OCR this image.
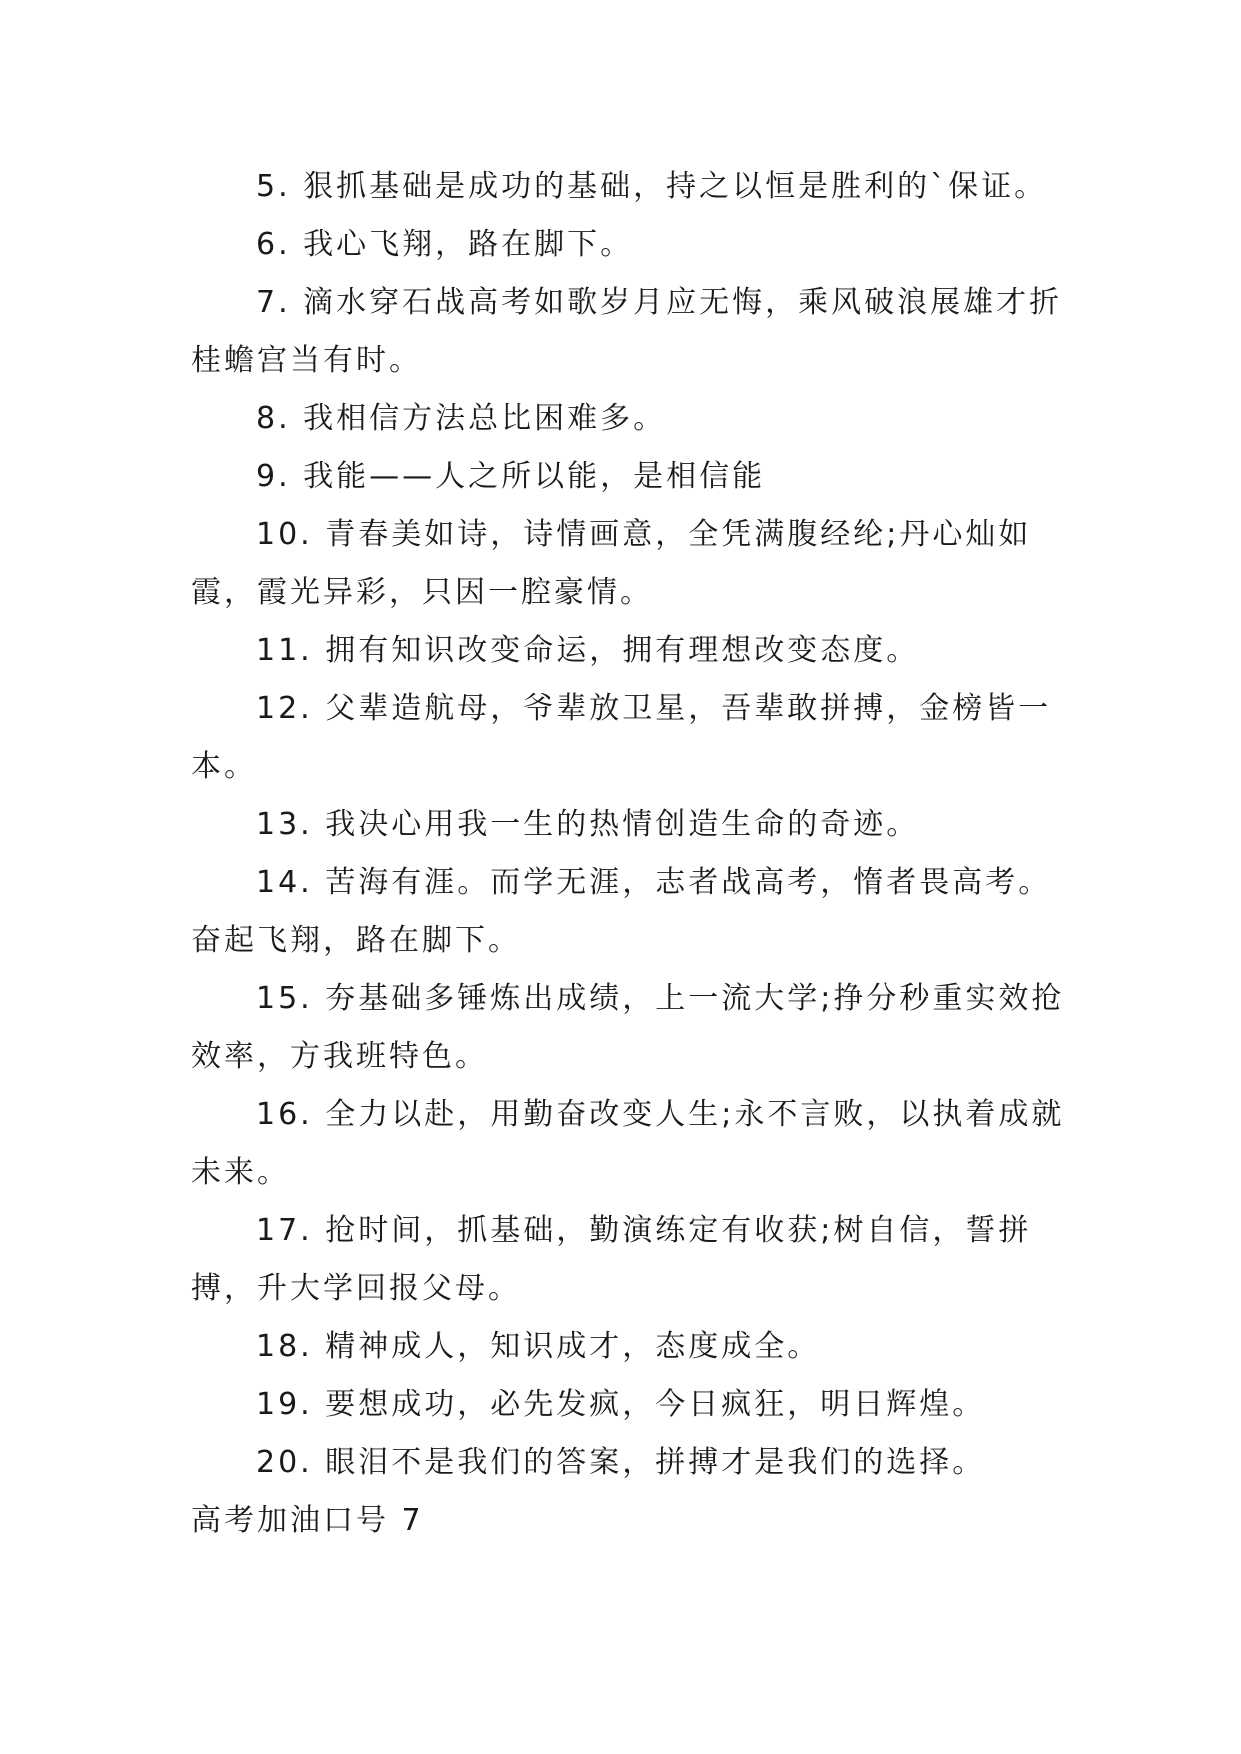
5. 狠抓基础是成功的基础，持之以恒是胜利的`保证。

6. 我心飞翔，路在脚下。

7. 滴水穿石战高考如歌岁月应无悔，乘风破浪展雄才折桂蟾宫当有时。

8. 我相信方法总比困难多。

9. 我能——人之所以能，是相信能

10. 青春美如诗，诗情画意，全凭满腹经纶;丹心灿如霞，霞光异彩，只因一腔豪情。

11. 拥有知识改变命运，拥有理想改变态度。

12. 父辈造航母，爷辈放卫星，吾辈敢拼搏，金榜皆一本。

13. 我决心用我一生的热情创造生命的奇迹。

14. 苦海有涯。而学无涯，志者战高考，惰者畏高考。奋起飞翔，路在脚下。

15. 夯基础多锤炼出成绩，上一流大学;挣分秒重实效抢效率，方我班特色。

16. 全力以赴，用勤奋改变人生;永不言败，以执着成就未来。

17. 抢时间，抓基础，勤演练定有收获;树自信，誓拼搏，升大学回报父母。

18. 精神成人，知识成才，态度成全。

19. 要想成功，必先发疯，今日疯狂，明日辉煌。

20. 眼泪不是我们的答案，拼搏才是我们的选择。

高考加油口号 7
